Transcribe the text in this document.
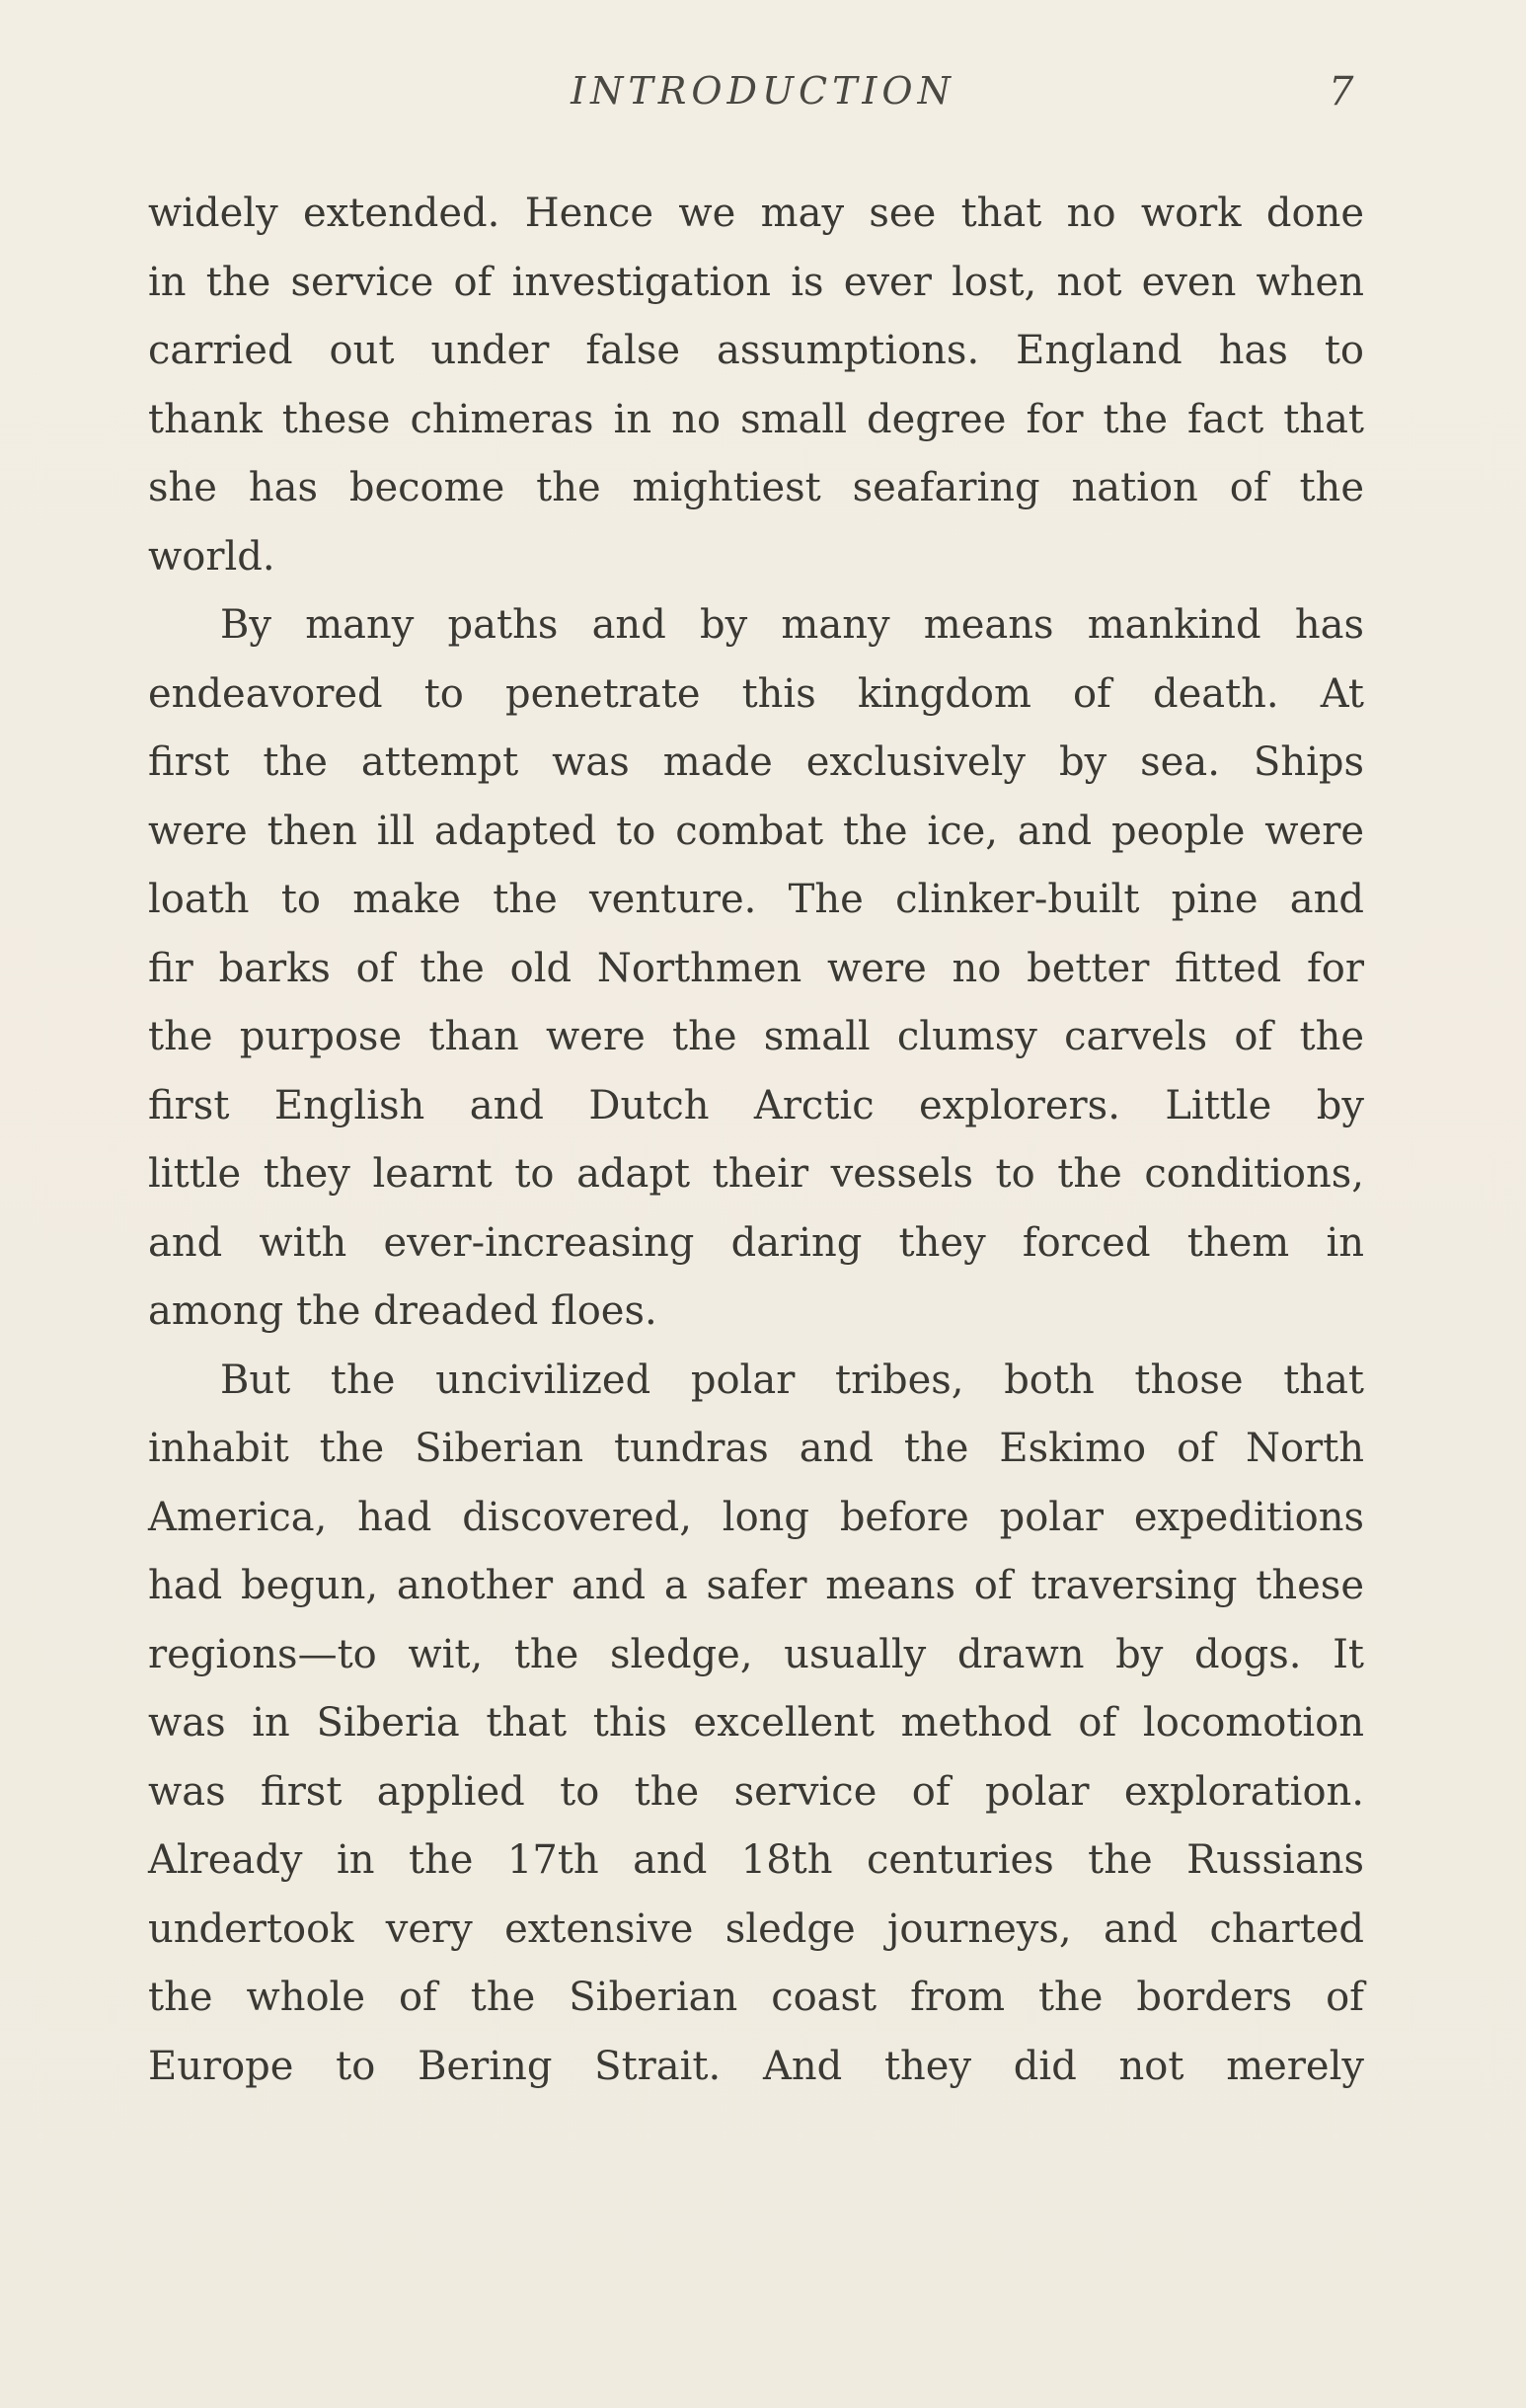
INTRODUCTION	7
widely extended. Hence we may see that no work done
in the service of investigation is ever lost, not even when
carried out under false assumptions. England has to
thank these chimeras in no small degree for the fact that
she has become the mightiest seafaring nation of the
world.
By many paths and by many means mankind has
endeavored to penetrate this kingdom of death. At
first the attempt was made exclusively by sea. Ships
were then ill adapted to combat the ice, and people were
loath to make the venture. The clinker-built pine and
fir barks of the old Northmen were no better fitted for
the purpose than were the small clumsy carvels of the
first English and Dutch Arctic explorers. Little by
little they learnt to adapt their vessels to the conditions,
and with ever-increasing daring they forced them in
among the dreaded floes.
But the uncivilized polar tribes, both those that
inhabit the Siberian tundras and the Eskimo of North
America, had discovered, long before polar expeditions
had begun, another and a safer means of traversing these
regions—to wit, the sledge, usually drawn by dogs. It
was in Siberia that this excellent method of locomotion
was first applied to the service of polar exploration.
Already in the 17th and 18th centuries the Russians
undertook very extensive sledge journeys, and charted
the whole of the Siberian coast from the borders of
Europe to Bering Strait. And they did not merely
